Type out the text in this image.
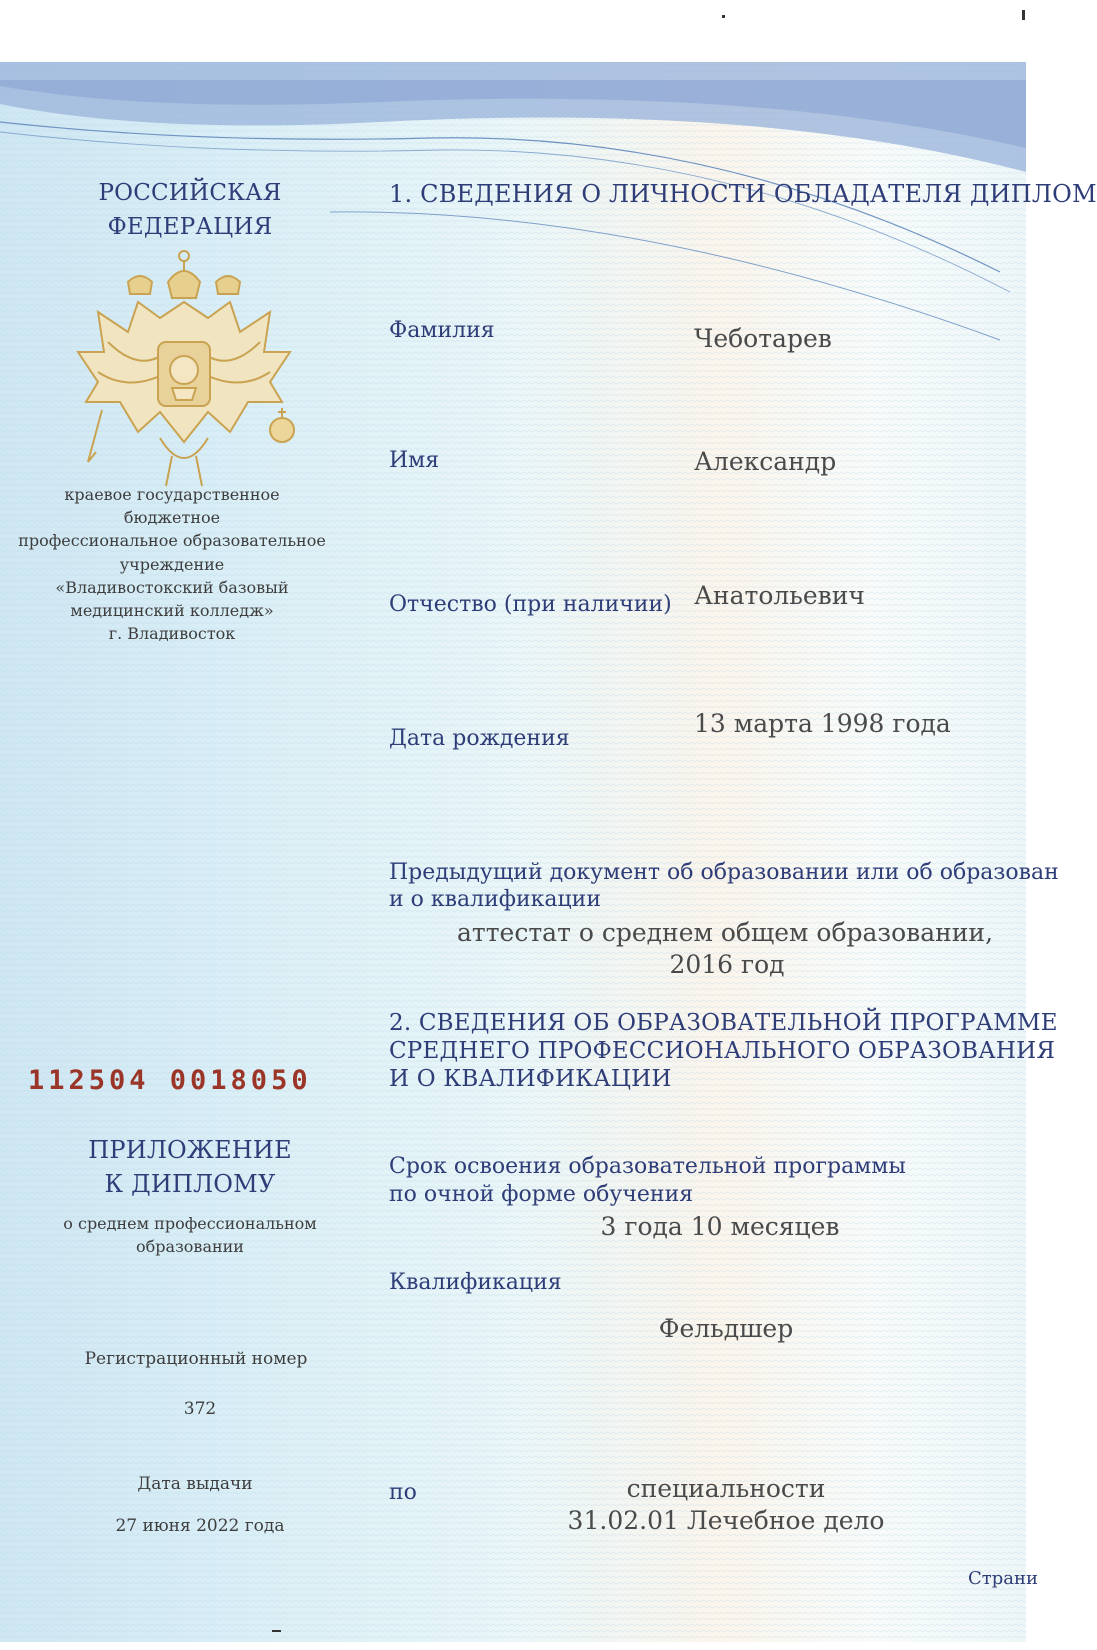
РОССИЙСКАЯ
ФЕДЕРАЦИЯ
краевое государственное
бюджетное
профессиональное образовательное
учреждение
«Владивостокский базовый
медицинский колледж»
г. Владивосток
112504 0018050
ПРИЛОЖЕНИЕ
К ДИПЛОМУ
о среднем профессиональном
образовании
Регистрационный номер
372
Дата выдачи
27 июня 2022 года
1. СВЕДЕНИЯ О ЛИЧНОСТИ ОБЛАДАТЕЛЯ ДИПЛОМ
Фамилия	Чеботарев
Имя	Александр
Отчество (при наличии) Анатольевич
Дата рождения
13 марта 1998 года
Предыдущий документ об образовании или об образован
и о квалификации
аттестат о среднем общем образовании,
2016 год
2. СВЕДЕНИЯ ОБ ОБРАЗОВАТЕЛЬНОЙ ПРОГРАММЕ
СРЕДНЕГО ПРОФЕССИОНАЛЬНОГО ОБРАЗОВАНИЯ
И О КВАЛИФИКАЦИИ
Срок освоения образовательной программы
по очной форме обучения
3 года 10 месяцев
Квалификация
Фельдшер
по	специальности
31.02.01 Лечебное дело
Страни
